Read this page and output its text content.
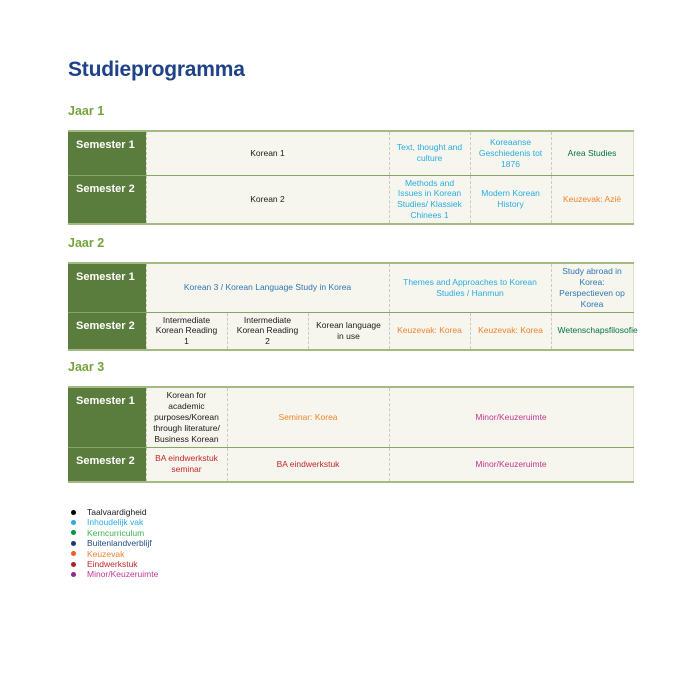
Studieprogramma
Jaar 1
Semester 1	Korean 1	Text, thought and culture	Koreaanse Geschiedenis tot 1876	Area Studies
Semester 2	Korean 2	Methods and Issues in Korean Studies/ Klassiek Chinees 1	Modern Korean History	Keuzevak: Azië
Jaar 2
Semester 1	Korean 3 / Korean Language Study in Korea			Themes and Approaches to Korean Studies / Hanmun		Study abroad in Korea: Perspectieven op Korea
Semester 2	Intermediate Korean Reading 1	Intermediate Korean Reading 2	Korean language in use	Keuzevak: Korea	Keuzevak: Korea	Wetenschapsfilosofie
Jaar 3
Semester 1	Korean for academic purposes/Korean through literature/ Business Korean	Seminar: Korea	Minor/Keuzeruimte
Semester 2	BA eindwerkstuk seminar	BA eindwerkstuk	Minor/Keuzeruimte
Taalvaardigheid
Inhoudelijk vak
Kerncurriculum
Buitenlandverblijf
Keuzevak
Eindwerkstuk
Minor/Keuzeruimte
